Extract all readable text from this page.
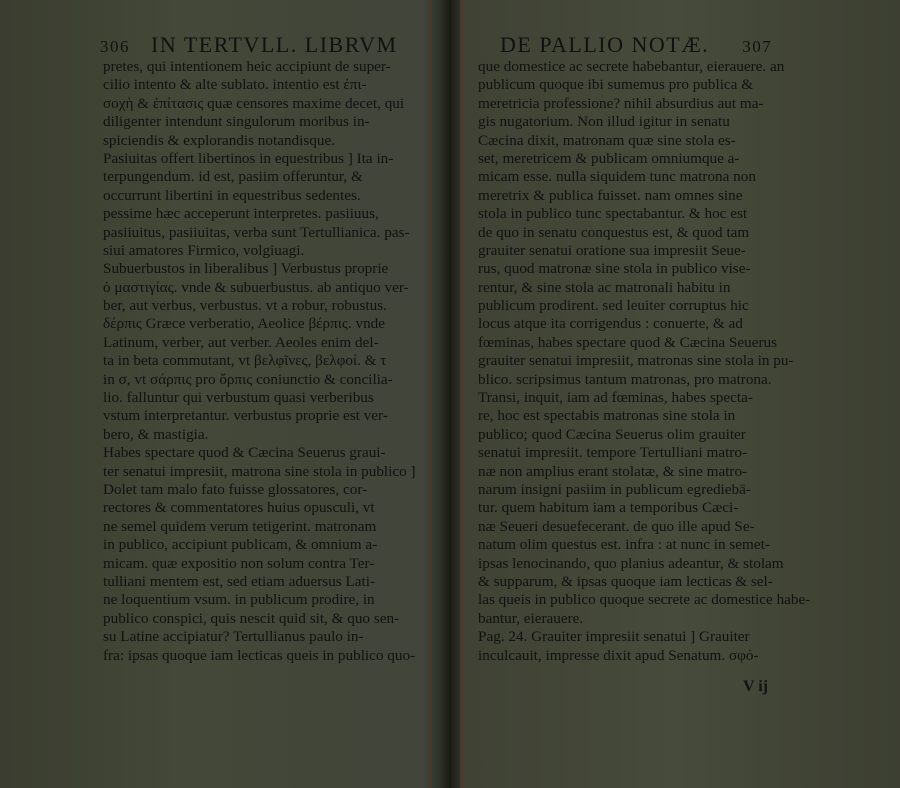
306 IN TERTVLL. LIBRVM
pretes, qui intentionem heic accipiunt de super-
cilio intento & alte sublato. intentio est ἐπι-
σοχὴ & ἐπίτασις quæ censores maxime decet, qui
diligenter intendunt singulorum moribus in-
spiciendis & explorandis notandisque.
Pasiuitas offert libertinos in equestribus ] Ita in-
terpungendum. id est, pasiim offeruntur, &
occurrunt libertini in equestribus sedentes.
pessime hæc acceperunt interpretes. pasiiuus,
pasiiuitus, pasiiuitas, verba sunt Tertullianica. pas-
siui amatores Firmico, volgiuagi.
Subuerbustos in liberalibus ] Verbustus proprie
ὁ μαστιγίας. vnde & subuerbustus. ab antiquo ver-
ber, aut verbus, verbustus. vt a robur, robustus.
δέρπις Græce verberatio, Aeolice βέρπις. vnde
Latinum, verber, aut verber. Aeoles enim del-
ta in beta commutant, vt βελφῖνες, βελφοί. & τ
in σ, vt σάρπις pro ὄρπις coniunctio & concilia-
lio. falluntur qui verbustum quasi verberibus
vstum interpretantur. verbustus proprie est ver-
bero, & mastigia.
Habes spectare quod & Cæcina Seuerus graui-
ter senatui impresiit, matrona sine stola in publico ]
Dolet tam malo fato fuisse glossatores, cor-
rectores & commentatores huius opusculi, vt
ne semel quidem verum tetigerint. matronam
in publico, accipiunt publicam, & omnium a-
micam. quæ expositio non solum contra Ter-
tulliani mentem est, sed etiam aduersus Lati-
ne loquentium vsum. in publicum prodire, in
publico conspici, quis nescit quid sit, & quo sen-
su Latine accipiatur? Tertullianus paulo in-
fra: ipsas quoque iam lecticas queis in publico quo-
DE PALLIO NOTÆ. 307
que domestice ac secrete habebantur, eierauere. an
publicum quoque ibi sumemus pro publica &
meretricia professione? nihil absurdius aut ma-
gis nugatorium. Non illud igitur in senatu
Cæcina dixit, matronam quæ sine stola es-
set, meretricem & publicam omniumque a-
micam esse. nulla siquidem tunc matrona non
meretrix & publica fuisset. nam omnes sine
stola in publico tunc spectabantur. & hoc est
de quo in senatu conquestus est, & quod tam
grauiter senatui oratione sua impresiit Seue-
rus, quod matronæ sine stola in publico vise-
rentur, & sine stola ac matronali habitu in
publicum prodirent. sed leuiter corruptus hic
locus atque ita corrigendus : conuerte, & ad
fœminas, habes spectare quod & Cæcina Seuerus
grauiter senatui impresiit, matronas sine stola in pu-
blico. scripsimus tantum matronas, pro matrona.
Transi, inquit, iam ad fœminas, habes specta-
re, hoc est spectabis matronas sine stola in
publico; quod Cæcina Seuerus olim grauiter
senatui impresiit. tempore Tertulliani matro-
næ non amplius erant stolatæ, & sine matro-
narum insigni pasiim in publicum egrediebā-
tur. quem habitum iam a temporibus Cæci-
næ Seueri desuefecerant. de quo ille apud Se-
natum olim questus est. infra : at nunc in semet-
ipsas lenocinando, quo planius adeantur, & stolam
& supparum, & ipsas quoque iam lecticas & sel-
las queis in publico quoque secrete ac domestice habe-
bantur, eierauere.
Pag. 24. Grauiter impresiit senatui ] Grauiter
inculcauit, impresse dixit apud Senatum. σφό-
V ij
